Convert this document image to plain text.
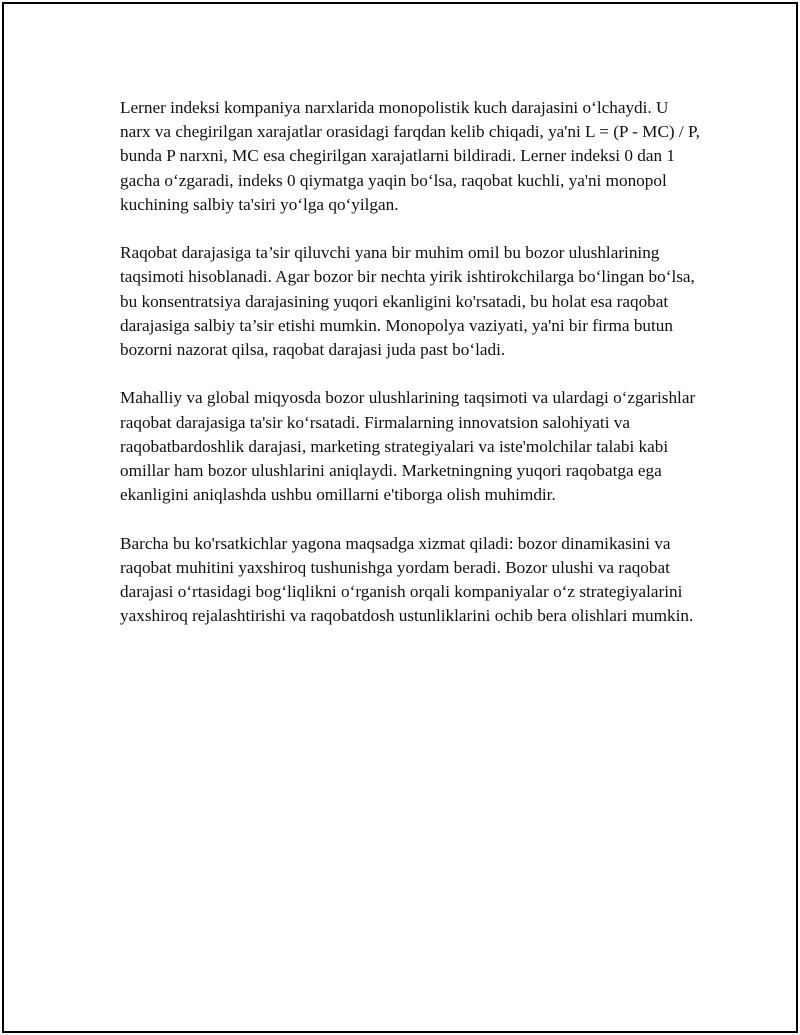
Lerner indeksi kompaniya narxlarida monopolistik kuch darajasini o‘lchaydi. U narx va chegirilgan xarajatlar orasidagi farqdan kelib chiqadi, ya'ni L = (P - MC) / P, bunda P narxni, MC esa chegirilgan xarajatlarni bildiradi. Lerner indeksi 0 dan 1 gacha o‘zgaradi, indeks 0 qiymatga yaqin bo‘lsa, raqobat kuchli, ya'ni monopol kuchining salbiy ta'siri yo‘lga qo‘yilgan.

Raqobat darajasiga ta’sir qiluvchi yana bir muhim omil bu bozor ulushlarining taqsimoti hisoblanadi. Agar bozor bir nechta yirik ishtirokchilarga bo‘lingan bo‘lsa, bu konsentratsiya darajasining yuqori ekanligini ko'rsatadi, bu holat esa raqobat darajasiga salbiy ta’sir etishi mumkin. Monopolya vaziyati, ya'ni bir firma butun bozorni nazorat qilsa, raqobat darajasi juda past bo‘ladi.

Mahalliy va global miqyosda bozor ulushlarining taqsimoti va ulardagi o‘zgarishlar raqobat darajasiga ta'sir ko‘rsatadi. Firmalarning innovatsion salohiyati va raqobatbardoshlik darajasi, marketing strategiyalari va iste'molchilar talabi kabi omillar ham bozor ulushlarini aniqlaydi. Marketningning yuqori raqobatga ega ekanligini aniqlashda ushbu omillarni e'tiborga olish muhimdir.

Barcha bu ko'rsatkichlar yagona maqsadga xizmat qiladi: bozor dinamikasini va raqobat muhitini yaxshiroq tushunishga yordam beradi. Bozor ulushi va raqobat darajasi o‘rtasidagi bog‘liqlikni o‘rganish orqali kompaniyalar o‘z strategiyalarini yaxshiroq rejalashtirishi va raqobatdosh ustunliklarini ochib bera olishlari mumkin.
